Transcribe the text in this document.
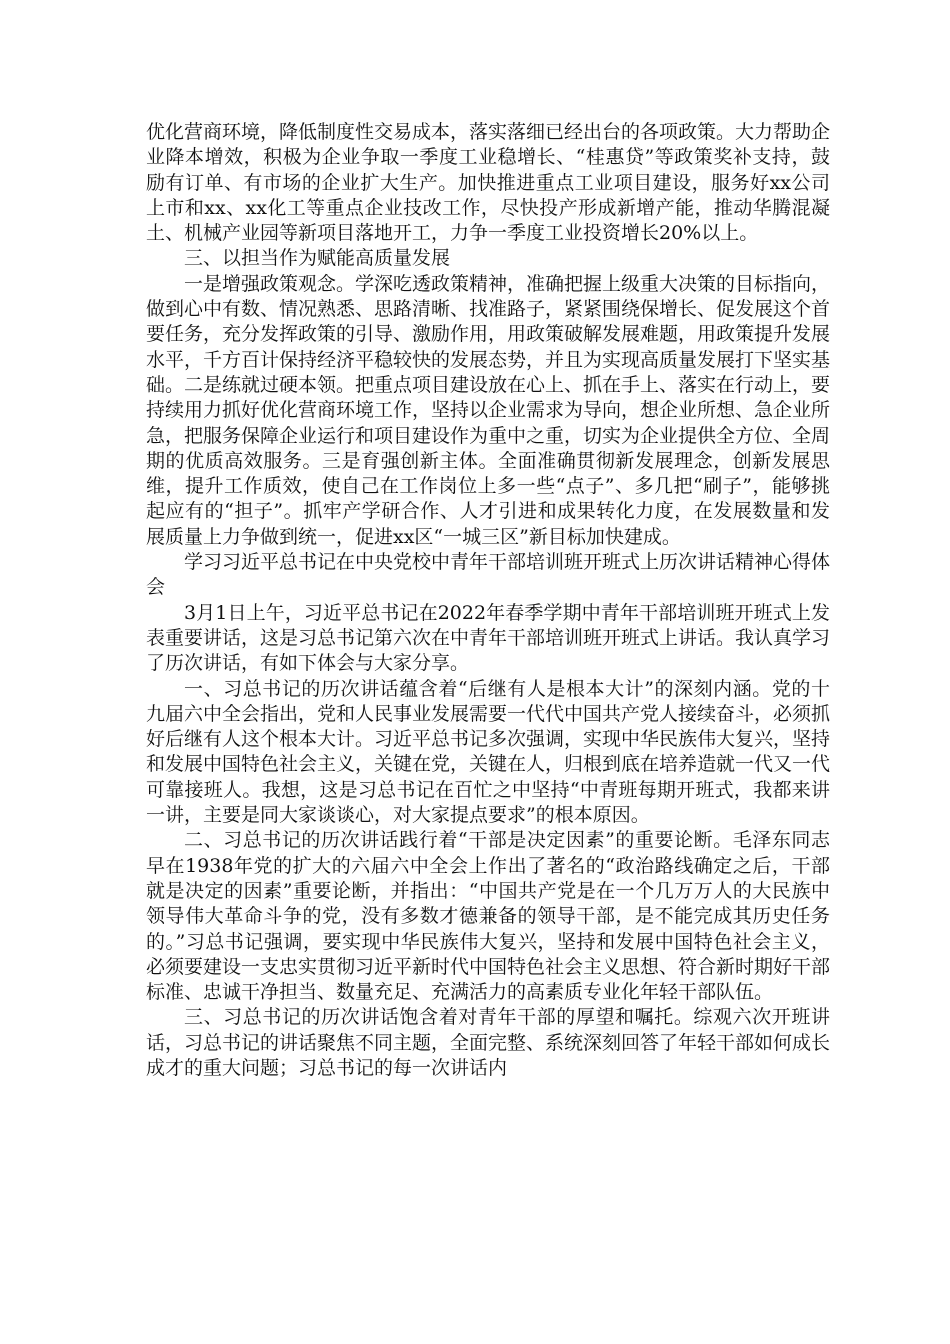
优化营商环境，降低制度性交易成本，落实落细已经出台的各项政策。大力帮助企业降本增效，积极为企业争取一季度工业稳增长、“桂惠贷”等政策奖补支持，鼓励有订单、有市场的企业扩大生产。加快推进重点工业项目建设，服务好xx公司上市和xx、xx化工等重点企业技改工作，尽快投产形成新增产能，推动华腾混凝土、机械产业园等新项目落地开工，力争一季度工业投资增长20%以上。

三、以担当作为赋能高质量发展

一是增强政策观念。学深吃透政策精神，准确把握上级重大决策的目标指向，做到心中有数、情况熟悉、思路清晰、找准路子，紧紧围绕保增长、促发展这个首要任务，充分发挥政策的引导、激励作用，用政策破解发展难题，用政策提升发展水平，千方百计保持经济平稳较快的发展态势，并且为实现高质量发展打下坚实基础。二是练就过硬本领。把重点项目建设放在心上、抓在手上、落实在行动上，要持续用力抓好优化营商环境工作，坚持以企业需求为导向，想企业所想、急企业所急，把服务保障企业运行和项目建设作为重中之重，切实为企业提供全方位、全周期的优质高效服务。三是育强创新主体。全面准确贯彻新发展理念，创新发展思维，提升工作质效，使自己在工作岗位上多一些“点子”、多几把“刷子”，能够挑起应有的“担子”。抓牢产学研合作、人才引进和成果转化力度，在发展数量和发展质量上力争做到统一，促进xx区“一城三区”新目标加快建成。

学习习近平总书记在中央党校中青年干部培训班开班式上历次讲话精神心得体会

3月1日上午，习近平总书记在2022年春季学期中青年干部培训班开班式上发表重要讲话，这是习总书记第六次在中青年干部培训班开班式上讲话。我认真学习了历次讲话，有如下体会与大家分享。

一、习总书记的历次讲话蕴含着“后继有人是根本大计”的深刻内涵。党的十九届六中全会指出，党和人民事业发展需要一代代中国共产党人接续奋斗，必须抓好后继有人这个根本大计。习近平总书记多次强调，实现中华民族伟大复兴，坚持和发展中国特色社会主义，关键在党，关键在人，归根到底在培养造就一代又一代可靠接班人。我想，这是习总书记在百忙之中坚持“中青班每期开班式，我都来讲一讲，主要是同大家谈谈心，对大家提点要求”的根本原因。

二、习总书记的历次讲话践行着“干部是决定因素”的重要论断。毛泽东同志早在1938年党的扩大的六届六中全会上作出了著名的“政治路线确定之后，干部就是决定的因素”重要论断，并指出：“中国共产党是在一个几万万人的大民族中领导伟大革命斗争的党，没有多数才德兼备的领导干部，是不能完成其历史任务的。”习总书记强调，要实现中华民族伟大复兴，坚持和发展中国特色社会主义，必须要建设一支忠实贯彻习近平新时代中国特色社会主义思想、符合新时期好干部标准、忠诚干净担当、数量充足、充满活力的高素质专业化年轻干部队伍。

三、习总书记的历次讲话饱含着对青年干部的厚望和嘱托。综观六次开班讲话，习总书记的讲话聚焦不同主题，全面完整、系统深刻回答了年轻干部如何成长成才的重大问题；习总书记的每一次讲话内
